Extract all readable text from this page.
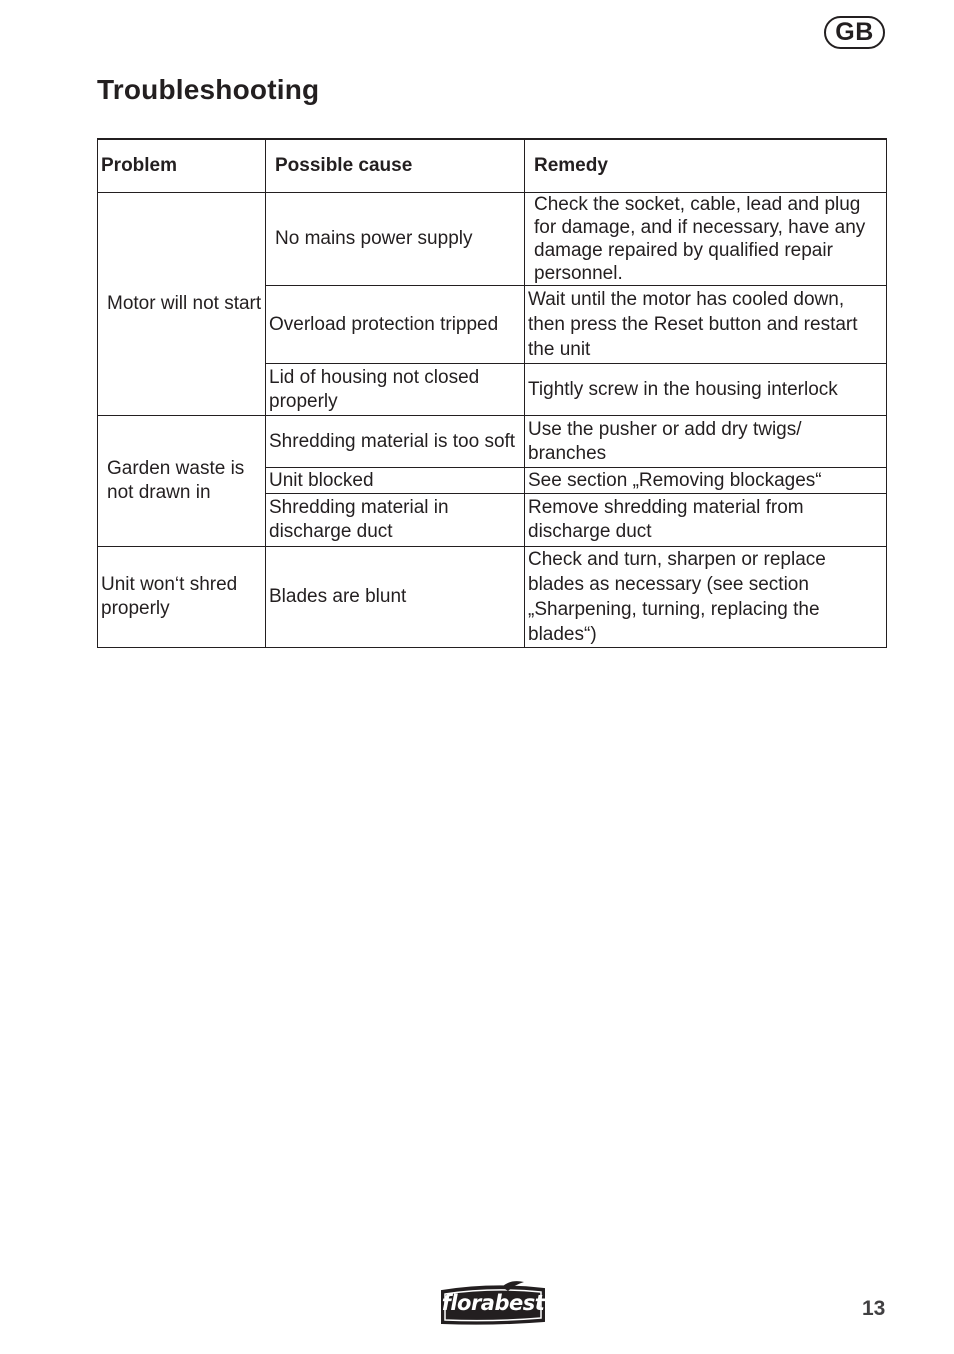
GB
Troubleshooting
Problem	Possible cause	Remedy
Motor will not start	No mains power supply	Check the socket, cable, lead and plug for damage, and if necessary, have any damage repaired by qualified repair personnel.
	Overload protection tripped	Wait until the motor has cooled down, then press the Reset button and restart the unit
	Lid of housing not closed properly	Tightly screw in the housing interlock
Garden waste is not drawn in	Shredding material is too soft	Use the pusher or add dry twigs/ branches
	Unit blocked	See section „Removing blockages“
	Shredding material in discharge duct	Remove shredding material from discharge duct
Unit won‘t shred properly	Blades are blunt	Check and turn, sharpen or replace blades as necessary (see section „Sharpening, turning, replacing the blades“)
florabest	13
